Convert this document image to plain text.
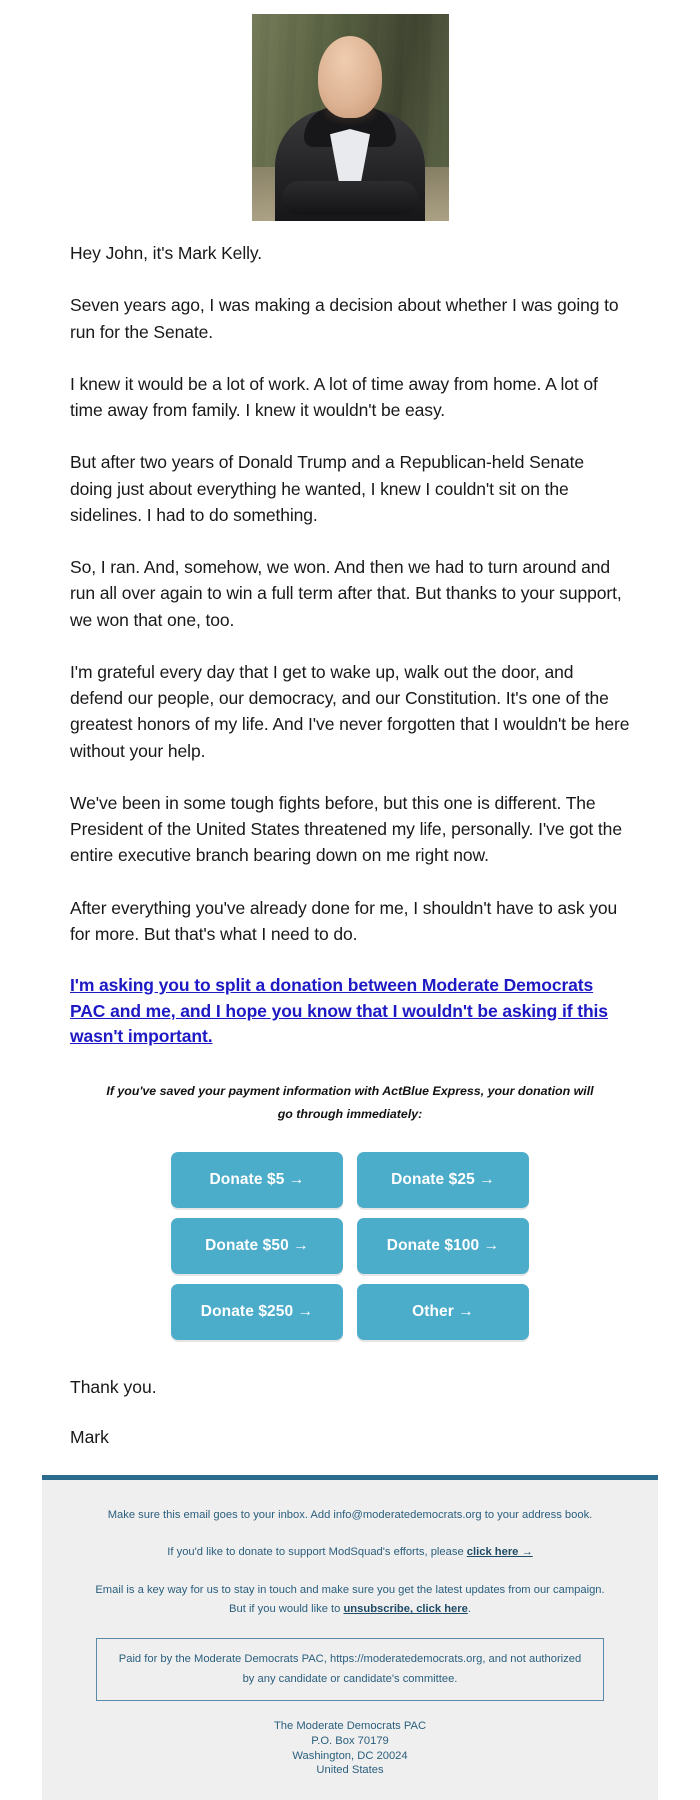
Hey John, it's Mark Kelly.

Seven years ago, I was making a decision about whether I was going to run for the Senate.

I knew it would be a lot of work. A lot of time away from home. A lot of time away from family. I knew it wouldn't be easy.

But after two years of Donald Trump and a Republican-held Senate doing just about everything he wanted, I knew I couldn't sit on the sidelines. I had to do something.

So, I ran. And, somehow, we won. And then we had to turn around and run all over again to win a full term after that. But thanks to your support, we won that one, too.

I'm grateful every day that I get to wake up, walk out the door, and defend our people, our democracy, and our Constitution. It's one of the greatest honors of my life. And I've never forgotten that I wouldn't be here without your help.

We've been in some tough fights before, but this one is different. The President of the United States threatened my life, personally. I've got the entire executive branch bearing down on me right now.

After everything you've already done for me, I shouldn't have to ask you for more. But that's what I need to do.

I'm asking you to split a donation between Moderate Democrats PAC and me, and I hope you know that I wouldn't be asking if this wasn't important.
If you've saved your payment information with ActBlue Express, your donation will go through immediately:
Donate $5 →	Donate $25 →
Donate $50 →	Donate $100 →
Donate $250 →	Other →

Thank you.

Mark

Make sure this email goes to your inbox. Add info@moderatedemocrats.org to your address book.

If you'd like to donate to support ModSquad's efforts, please click here →

Email is a key way for us to stay in touch and make sure you get the latest updates from our campaign. But if you would like to unsubscribe, click here.

Paid for by the Moderate Democrats PAC, https://moderatedemocrats.org, and not authorized by any candidate or candidate's committee.

The Moderate Democrats PAC
P.O. Box 70179
Washington, DC 20024
United States
